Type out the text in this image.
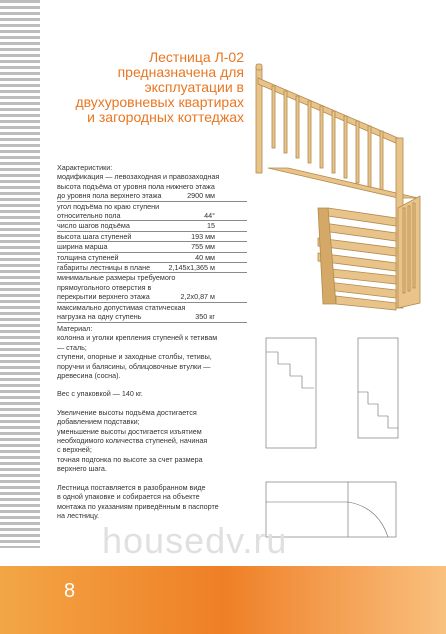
Лестница Л-02
предназначена для
эксплуатации в
двухуровневых квартирах
и загородных коттеджах
Характеристики:
модификация — левозаходная и правозаходная
высота подъёма от уровня пола нижнего этажа
до уровня пола верхнего этажа	2900 мм
угол подъёма по краю ступени
относительно пола	44°
число шагов подъёма	15
высота шага ступеней	193 мм
ширина марша	755 мм
толщина ступеней	40 мм
габариты лестницы в плане	2,145х1,365 м
минимальные размеры требуемого
прямоугольного отверстия в
перекрытии верхнего этажа	2,2х0,87 м
максимально допустимая статическая
нагрузка на одну ступень	350 кг

Материал:
колонна и уголки крепления ступеней к тетивам
— сталь;
ступени, опорные и заходные столбы, тетивы,
поручни и балясины, облицовочные втулки —
древесина (сосна).

Вес с упаковкой — 140 кг.

Увеличение высоты подъёма достигается
добавлением подставки;
уменьшение высоты достигается изъятием
необходимого количества ступеней, начиная
с верхней;
точная подгонка по высоте за счет размера
верхнего шага.

Лестница поставляется в разобранном виде
в одной упаковке и собирается на объекте
монтажа по указаниям приведённым в паспорте
на лестницу.

housedv.ru
8
